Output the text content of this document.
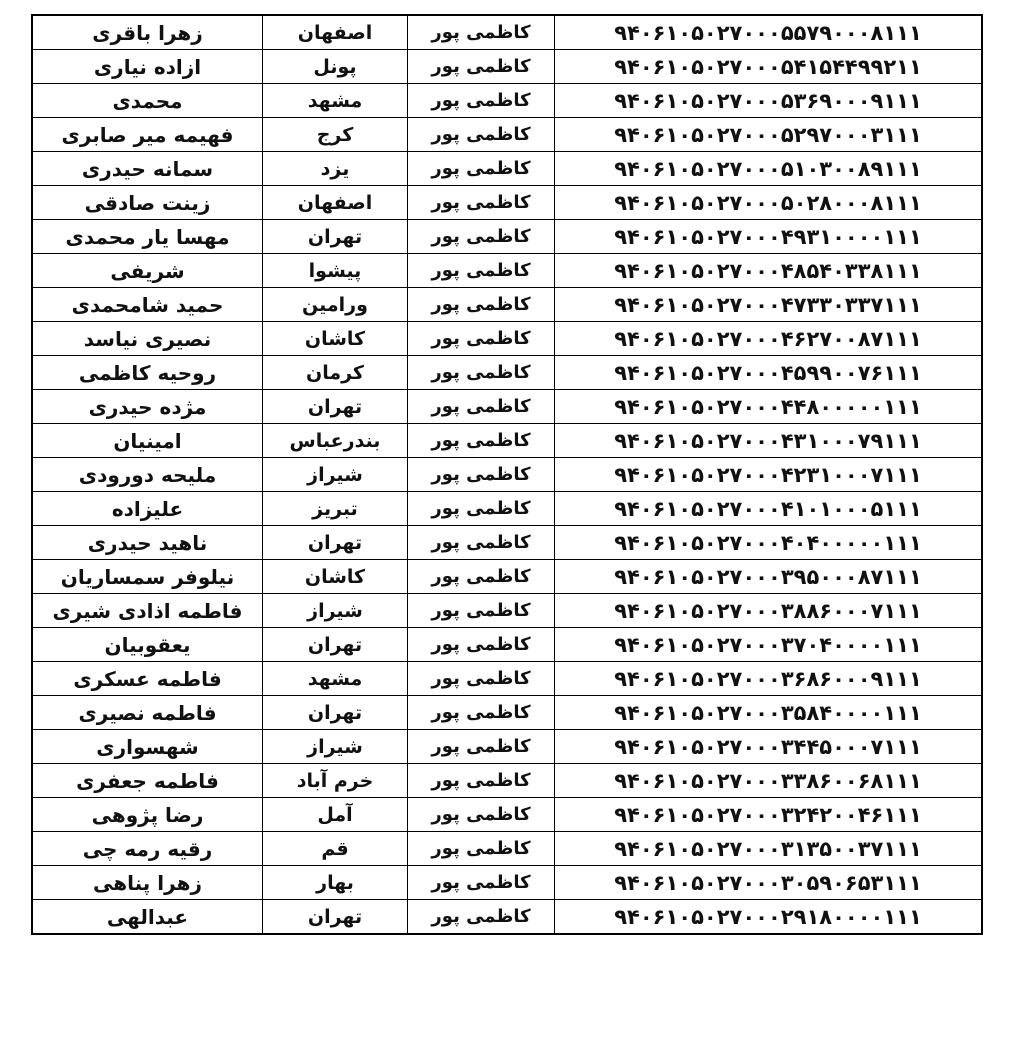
زهرا باقری	اصفهان	کاظمی پور	۹۴۰۶۱۰۵۰۲۷۰۰۰۵۵۷۹۰۰۰۸۱۱۱
ازاده نیاری	پونل	کاظمی پور	۹۴۰۶۱۰۵۰۲۷۰۰۰۵۴۱۵۴۴۹۹۲۱۱
محمدی	مشهد	کاظمی پور	۹۴۰۶۱۰۵۰۲۷۰۰۰۵۳۶۹۰۰۰۹۱۱۱
فهیمه میر صابری	کرج	کاظمی پور	۹۴۰۶۱۰۵۰۲۷۰۰۰۵۲۹۷۰۰۰۳۱۱۱
سمانه حیدری	یزد	کاظمی پور	۹۴۰۶۱۰۵۰۲۷۰۰۰۵۱۰۳۰۰۸۹۱۱۱
زینت صادقی	اصفهان	کاظمی پور	۹۴۰۶۱۰۵۰۲۷۰۰۰۵۰۲۸۰۰۰۸۱۱۱
مهسا یار محمدی	تهران	کاظمی پور	۹۴۰۶۱۰۵۰۲۷۰۰۰۴۹۳۱۰۰۰۰۱۱۱
شریفی	پیشوا	کاظمی پور	۹۴۰۶۱۰۵۰۲۷۰۰۰۴۸۵۴۰۳۳۸۱۱۱
حمید شامحمدی	ورامین	کاظمی پور	۹۴۰۶۱۰۵۰۲۷۰۰۰۴۷۳۳۰۳۳۷۱۱۱
نصیری نیاسد	کاشان	کاظمی پور	۹۴۰۶۱۰۵۰۲۷۰۰۰۴۶۲۷۰۰۸۷۱۱۱
روحیه کاظمی	کرمان	کاظمی پور	۹۴۰۶۱۰۵۰۲۷۰۰۰۴۵۹۹۰۰۷۶۱۱۱
مژده حیدری	تهران	کاظمی پور	۹۴۰۶۱۰۵۰۲۷۰۰۰۴۴۸۰۰۰۰۰۱۱۱
امینیان	بندرعباس	کاظمی پور	۹۴۰۶۱۰۵۰۲۷۰۰۰۴۳۱۰۰۰۷۹۱۱۱
ملیحه دورودی	شیراز	کاظمی پور	۹۴۰۶۱۰۵۰۲۷۰۰۰۴۲۳۱۰۰۰۷۱۱۱
علیزاده	تبریز	کاظمی پور	۹۴۰۶۱۰۵۰۲۷۰۰۰۴۱۰۱۰۰۰۵۱۱۱
ناهید حیدری	تهران	کاظمی پور	۹۴۰۶۱۰۵۰۲۷۰۰۰۴۰۴۰۰۰۰۰۱۱۱
نیلوفر سمساریان	کاشان	کاظمی پور	۹۴۰۶۱۰۵۰۲۷۰۰۰۳۹۵۰۰۰۸۷۱۱۱
فاطمه اذادی شیری	شیراز	کاظمی پور	۹۴۰۶۱۰۵۰۲۷۰۰۰۳۸۸۶۰۰۰۷۱۱۱
یعقوبیان	تهران	کاظمی پور	۹۴۰۶۱۰۵۰۲۷۰۰۰۳۷۰۴۰۰۰۰۱۱۱
فاطمه عسکری	مشهد	کاظمی پور	۹۴۰۶۱۰۵۰۲۷۰۰۰۳۶۸۶۰۰۰۹۱۱۱
فاطمه نصیری	تهران	کاظمی پور	۹۴۰۶۱۰۵۰۲۷۰۰۰۳۵۸۴۰۰۰۰۱۱۱
شهسواری	شیراز	کاظمی پور	۹۴۰۶۱۰۵۰۲۷۰۰۰۳۴۴۵۰۰۰۷۱۱۱
فاطمه جعفری	خرم آباد	کاظمی پور	۹۴۰۶۱۰۵۰۲۷۰۰۰۳۳۸۶۰۰۶۸۱۱۱
رضا پژوهی	آمل	کاظمی پور	۹۴۰۶۱۰۵۰۲۷۰۰۰۳۲۴۲۰۰۴۶۱۱۱
رقیه رمه چی	قم	کاظمی پور	۹۴۰۶۱۰۵۰۲۷۰۰۰۳۱۳۵۰۰۳۷۱۱۱
زهرا پناهی	بهار	کاظمی پور	۹۴۰۶۱۰۵۰۲۷۰۰۰۳۰۵۹۰۶۵۳۱۱۱
عبدالهی	تهران	کاظمی پور	۹۴۰۶۱۰۵۰۲۷۰۰۰۲۹۱۸۰۰۰۰۱۱۱
